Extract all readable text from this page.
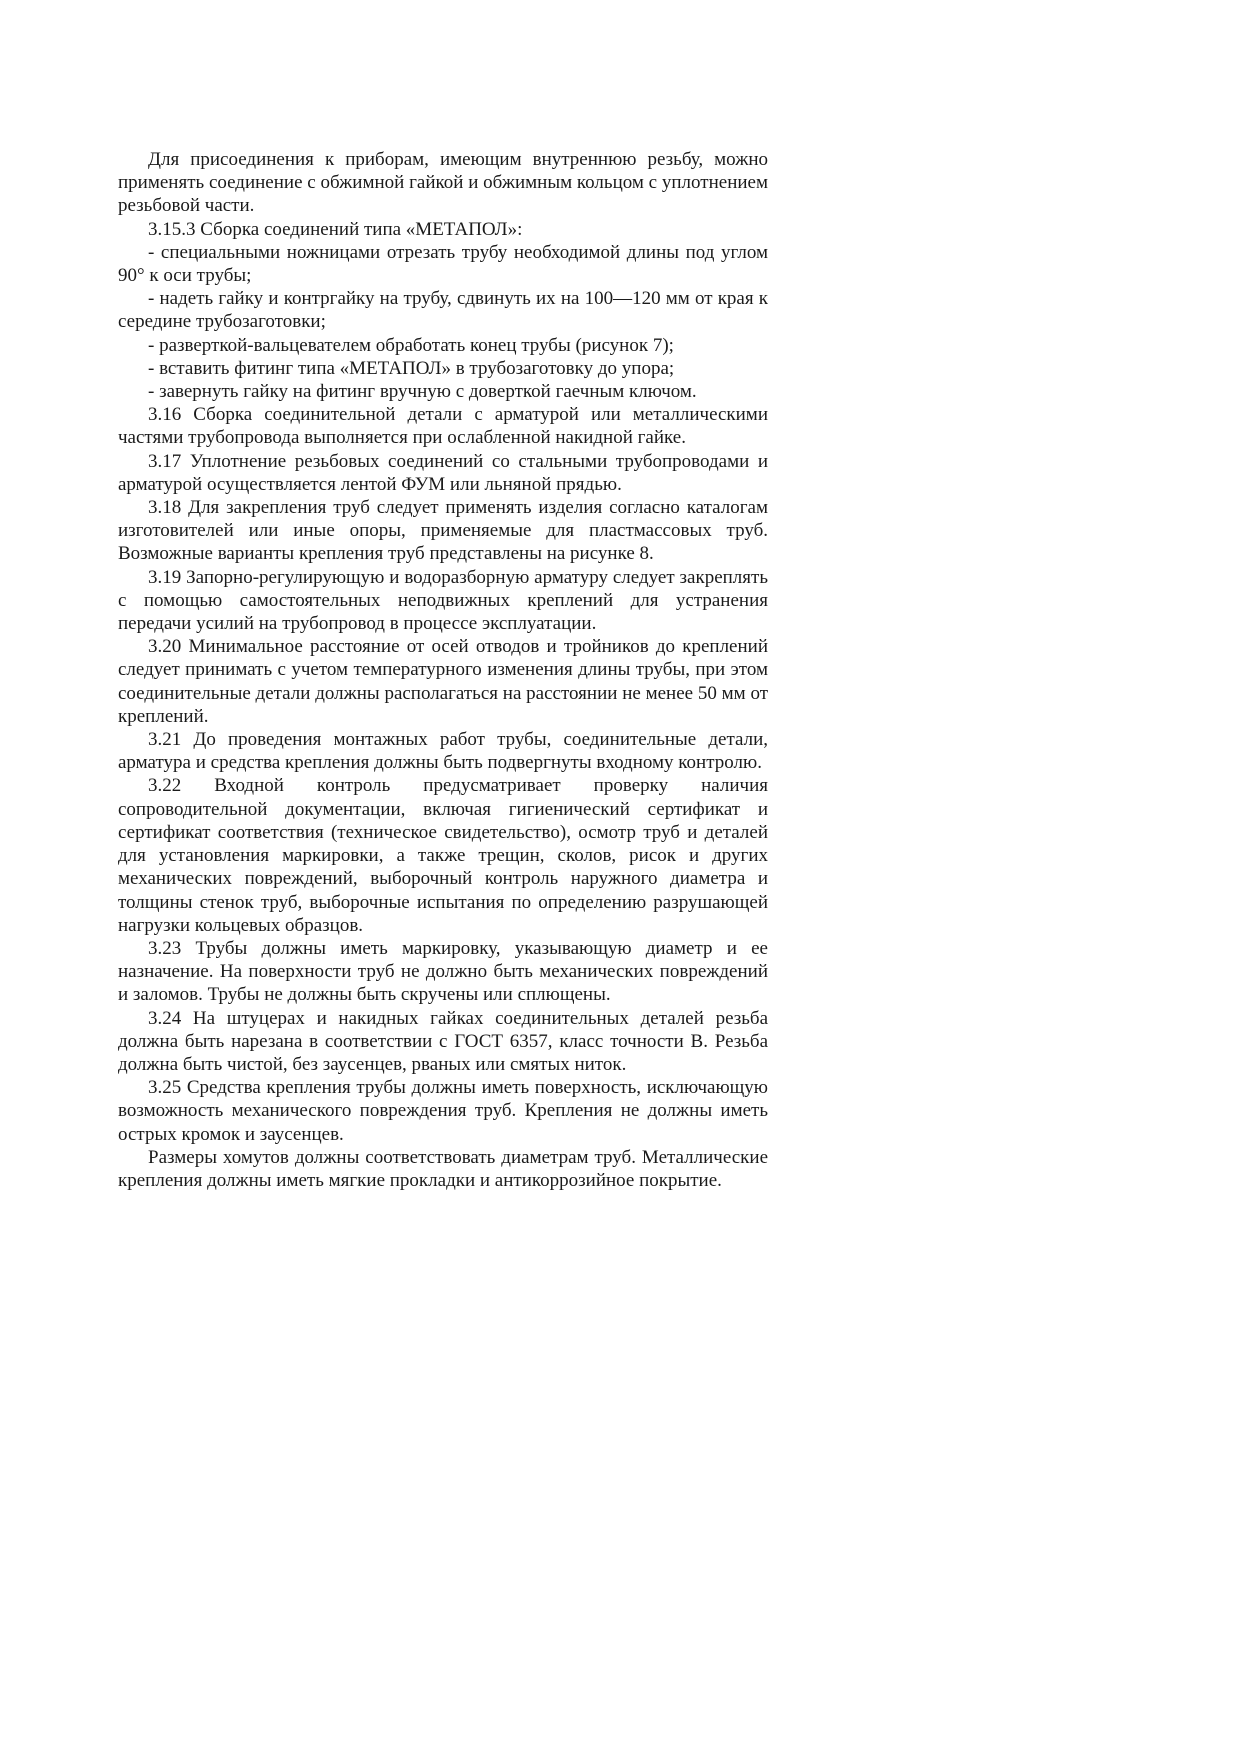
Для присоединения к приборам, имеющим внутреннюю резьбу, можно применять соединение с обжимной гайкой и обжимным кольцом с уплотнением резьбовой части.

3.15.3 Сборка соединений типа «МЕТАПОЛ»:

- специальными ножницами отрезать трубу необходимой длины под углом 90° к оси трубы;

- надеть гайку и контргайку на трубу, сдвинуть их на 100—120 мм от края к середине трубозаготовки;

- разверткой-вальцевателем обработать конец трубы (рисунок 7);

- вставить фитинг типа «МЕТАПОЛ» в трубозаготовку до упора;

- завернуть гайку на фитинг вручную с доверткой гаечным ключом.

3.16 Сборка соединительной детали с арматурой или металлическими частями трубопровода выполняется при ослабленной накидной гайке.

3.17 Уплотнение резьбовых соединений со стальными трубопроводами и арматурой осуществляется лентой ФУМ или льняной прядью.

3.18 Для закрепления труб следует применять изделия согласно каталогам изготовителей или иные опоры, применяемые для пластмассовых труб. Возможные варианты крепления труб представлены на рисунке 8.

3.19 Запорно-регулирующую и водоразборную арматуру следует закреплять с помощью самостоятельных неподвижных креплений для устранения передачи усилий на трубопровод в процессе эксплуатации.

3.20 Минимальное расстояние от осей отводов и тройников до креплений следует принимать с учетом температурного изменения длины трубы, при этом соединительные детали должны располагаться на расстоянии не менее 50 мм от креплений.

3.21 До проведения монтажных работ трубы, соединительные детали, арматура и средства крепления должны быть подвергнуты входному контролю.

3.22 Входной контроль предусматривает проверку наличия сопроводительной документации, включая гигиенический сертификат и сертификат соответствия (техническое свидетельство), осмотр труб и деталей для установления маркировки, а также трещин, сколов, рисок и других механических повреждений, выборочный контроль наружного диаметра и толщины стенок труб, выборочные испытания по определению разрушающей нагрузки кольцевых образцов.

3.23 Трубы должны иметь маркировку, указывающую диаметр и ее назначение. На поверхности труб не должно быть механических повреждений и заломов. Трубы не должны быть скручены или сплющены.

3.24 На штуцерах и накидных гайках соединительных деталей резьба должна быть нарезана в соответствии с ГОСТ 6357, класс точности В. Резьба должна быть чистой, без заусенцев, рваных или смятых ниток.

3.25 Средства крепления трубы должны иметь поверхность, исключающую возможность механического повреждения труб. Крепления не должны иметь острых кромок и заусенцев.

Размеры хомутов должны соответствовать диаметрам труб. Металлические крепления должны иметь мягкие прокладки и антикоррозийное покрытие.
